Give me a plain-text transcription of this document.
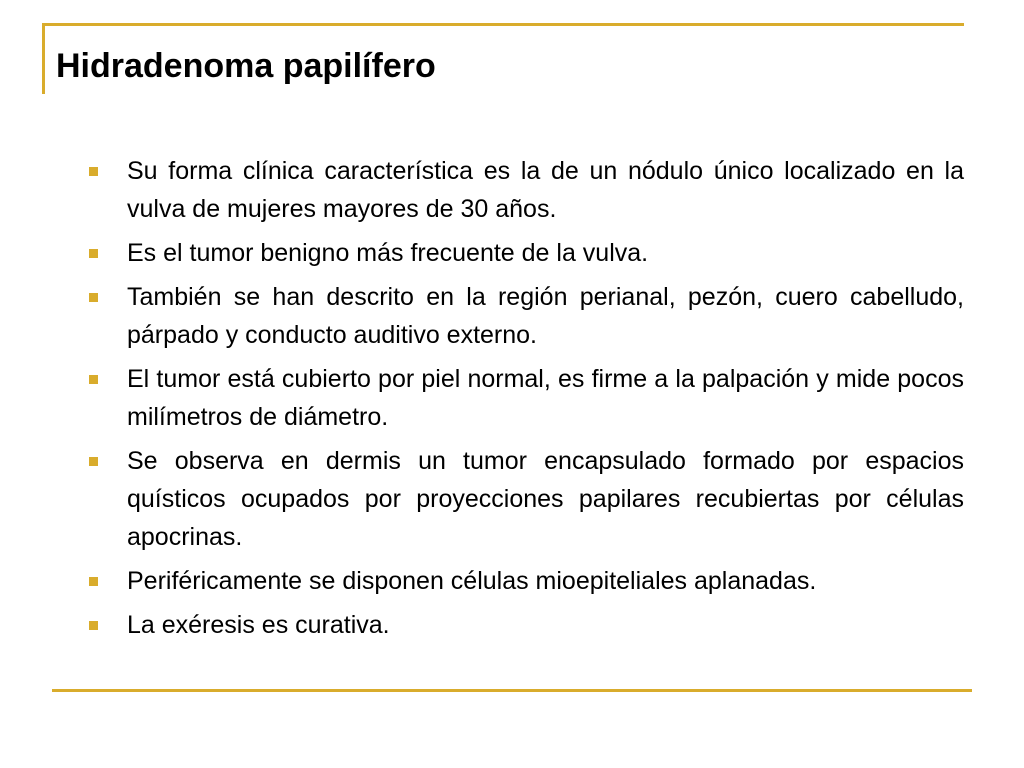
Hidradenoma papilífero
Su forma clínica característica es la de un nódulo único localizado en la vulva de mujeres mayores de 30 años.
Es el tumor benigno más frecuente de la vulva.
También se han descrito en la región perianal, pezón, cuero cabelludo, párpado y conducto auditivo externo.
El tumor está cubierto por piel normal, es firme a la palpación y mide pocos milímetros de diámetro.
Se observa en dermis un tumor encapsulado formado por espacios quísticos ocupados por proyecciones papilares recubiertas por células apocrinas.
Periféricamente se disponen células mioepiteliales aplanadas.
La exéresis es curativa.
